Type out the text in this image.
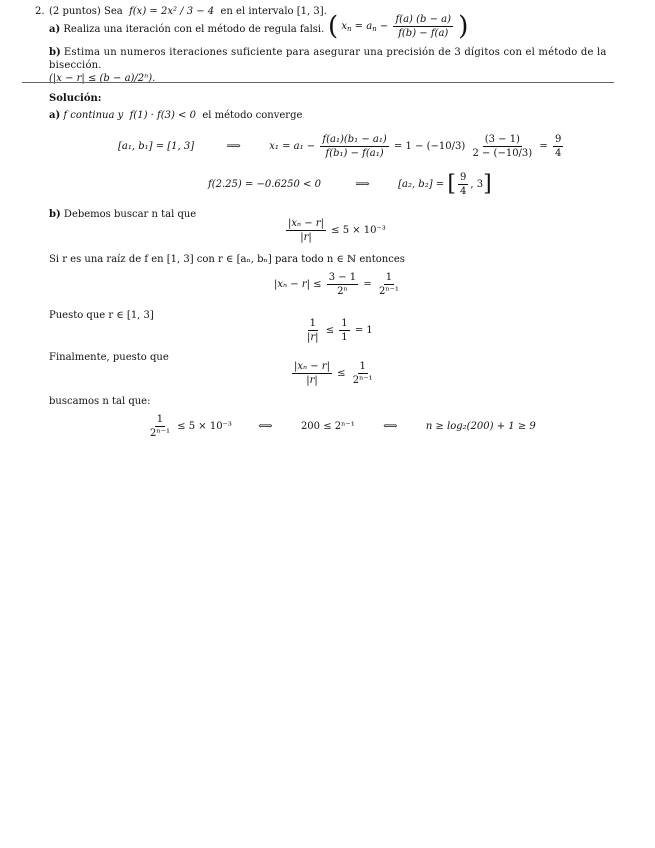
2. (2 puntos) Sea f(x) = 2x² / 3 − 4 en el intervalo [1, 3].
a) Realiza una iteración con el método de regula falsi. ( $x_n = a_n - \frac{f(a) (b - a)}{f(b) - f(a)}$ )
b) Estima un numeros iteraciones suficiente para asegurar una precisión de 3 dígitos con el método de la bisección.
(|x − r| ≤ (b − a)/2ⁿ).
Solución:
a) f continua y f(1) · f(3) < 0 el método converge
[a₁, b₁] = [1, 3]	⟹	$x_1 = a_1 - \frac{\text{f(a₁)(b₁ − a₁)}}{\text{f(b₁) − f(a₁)}} = 1 - (-10/3) \frac{(3 - 1)}{2 - (-10/3)} = \frac{9}{4}$
f(2.25) = −0.6250 < 0	⟹	[a₂, b₂] = [ $\frac{9}{4}$ , 3]
b) Debemos buscar n tal que
$\frac{\text{|xₙ − r|}}{|r|} \le 5 \times 10^{-3}$
Si r es una raíz de f en [1, 3] con r ∈ [aₙ, bₙ] para todo n ∈ ℕ entonces
$|x_n - r| \le \frac{3 - 1}{\text{2ⁿ}} = \frac{1}{\text{2ⁿ⁻¹}}$
Puesto que r ∈ [1, 3]
$\frac{1}{|r|} \le \frac{1}{1} = 1$
Finalmente, puesto que
$\frac{\text{|xₙ − r|}}{|r|} \le \frac{1}{\text{2ⁿ⁻¹}}$
buscamos n tal que:
$\frac{1}{\text{2ⁿ⁻¹}} \le 5 \times 10^{-3}$	⟺	200 ≤ 2ⁿ⁻¹	⟺	n ≥ log₂(200) + 1 ≥ 9
